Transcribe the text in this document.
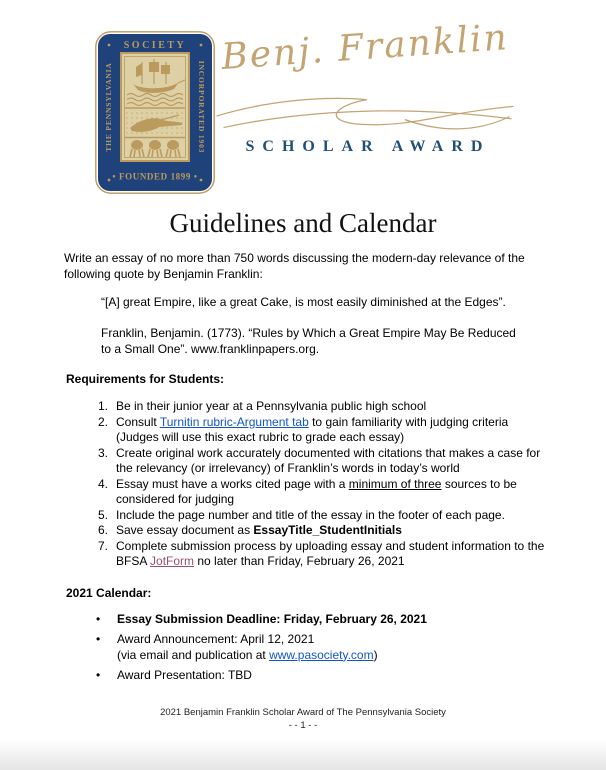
SOCIETY
• FOUNDED 1899 •
THE PENNSYLVANIA	INCORPORATED 1903
Benj. Franklin
SCHOLAR AWARD
Guidelines and Calendar
Write an essay of no more than 750 words discussing the modern-day relevance of the following quote by Benjamin Franklin:
“[A] great Empire, like a great Cake, is most easily diminished at the Edges”.
Franklin, Benjamin. (1773). “Rules by Which a Great Empire May Be Reduced to a Small One”. www.franklinpapers.org.
Requirements for Students:
1. Be in their junior year at a Pennsylvania public high school
2. Consult Turnitin rubric-Argument tab to gain familiarity with judging criteria (Judges will use this exact rubric to grade each essay)
3. Create original work accurately documented with citations that makes a case for the relevancy (or irrelevancy) of Franklin’s words in today’s world
4. Essay must have a works cited page with a minimum of three sources to be considered for judging
5. Include the page number and title of the essay in the footer of each page.
6. Save essay document as EssayTitle_StudentInitials
7. Complete submission process by uploading essay and student information to the BFSA JotForm no later than Friday, February 26, 2021
2021 Calendar:
•	Essay Submission Deadline: Friday, February 26, 2021
•	Award Announcement: April 12, 2021
(via email and publication at www.pasociety.com)
•	Award Presentation: TBD
2021 Benjamin Franklin Scholar Award of The Pennsylvania Society
- - 1 - -
